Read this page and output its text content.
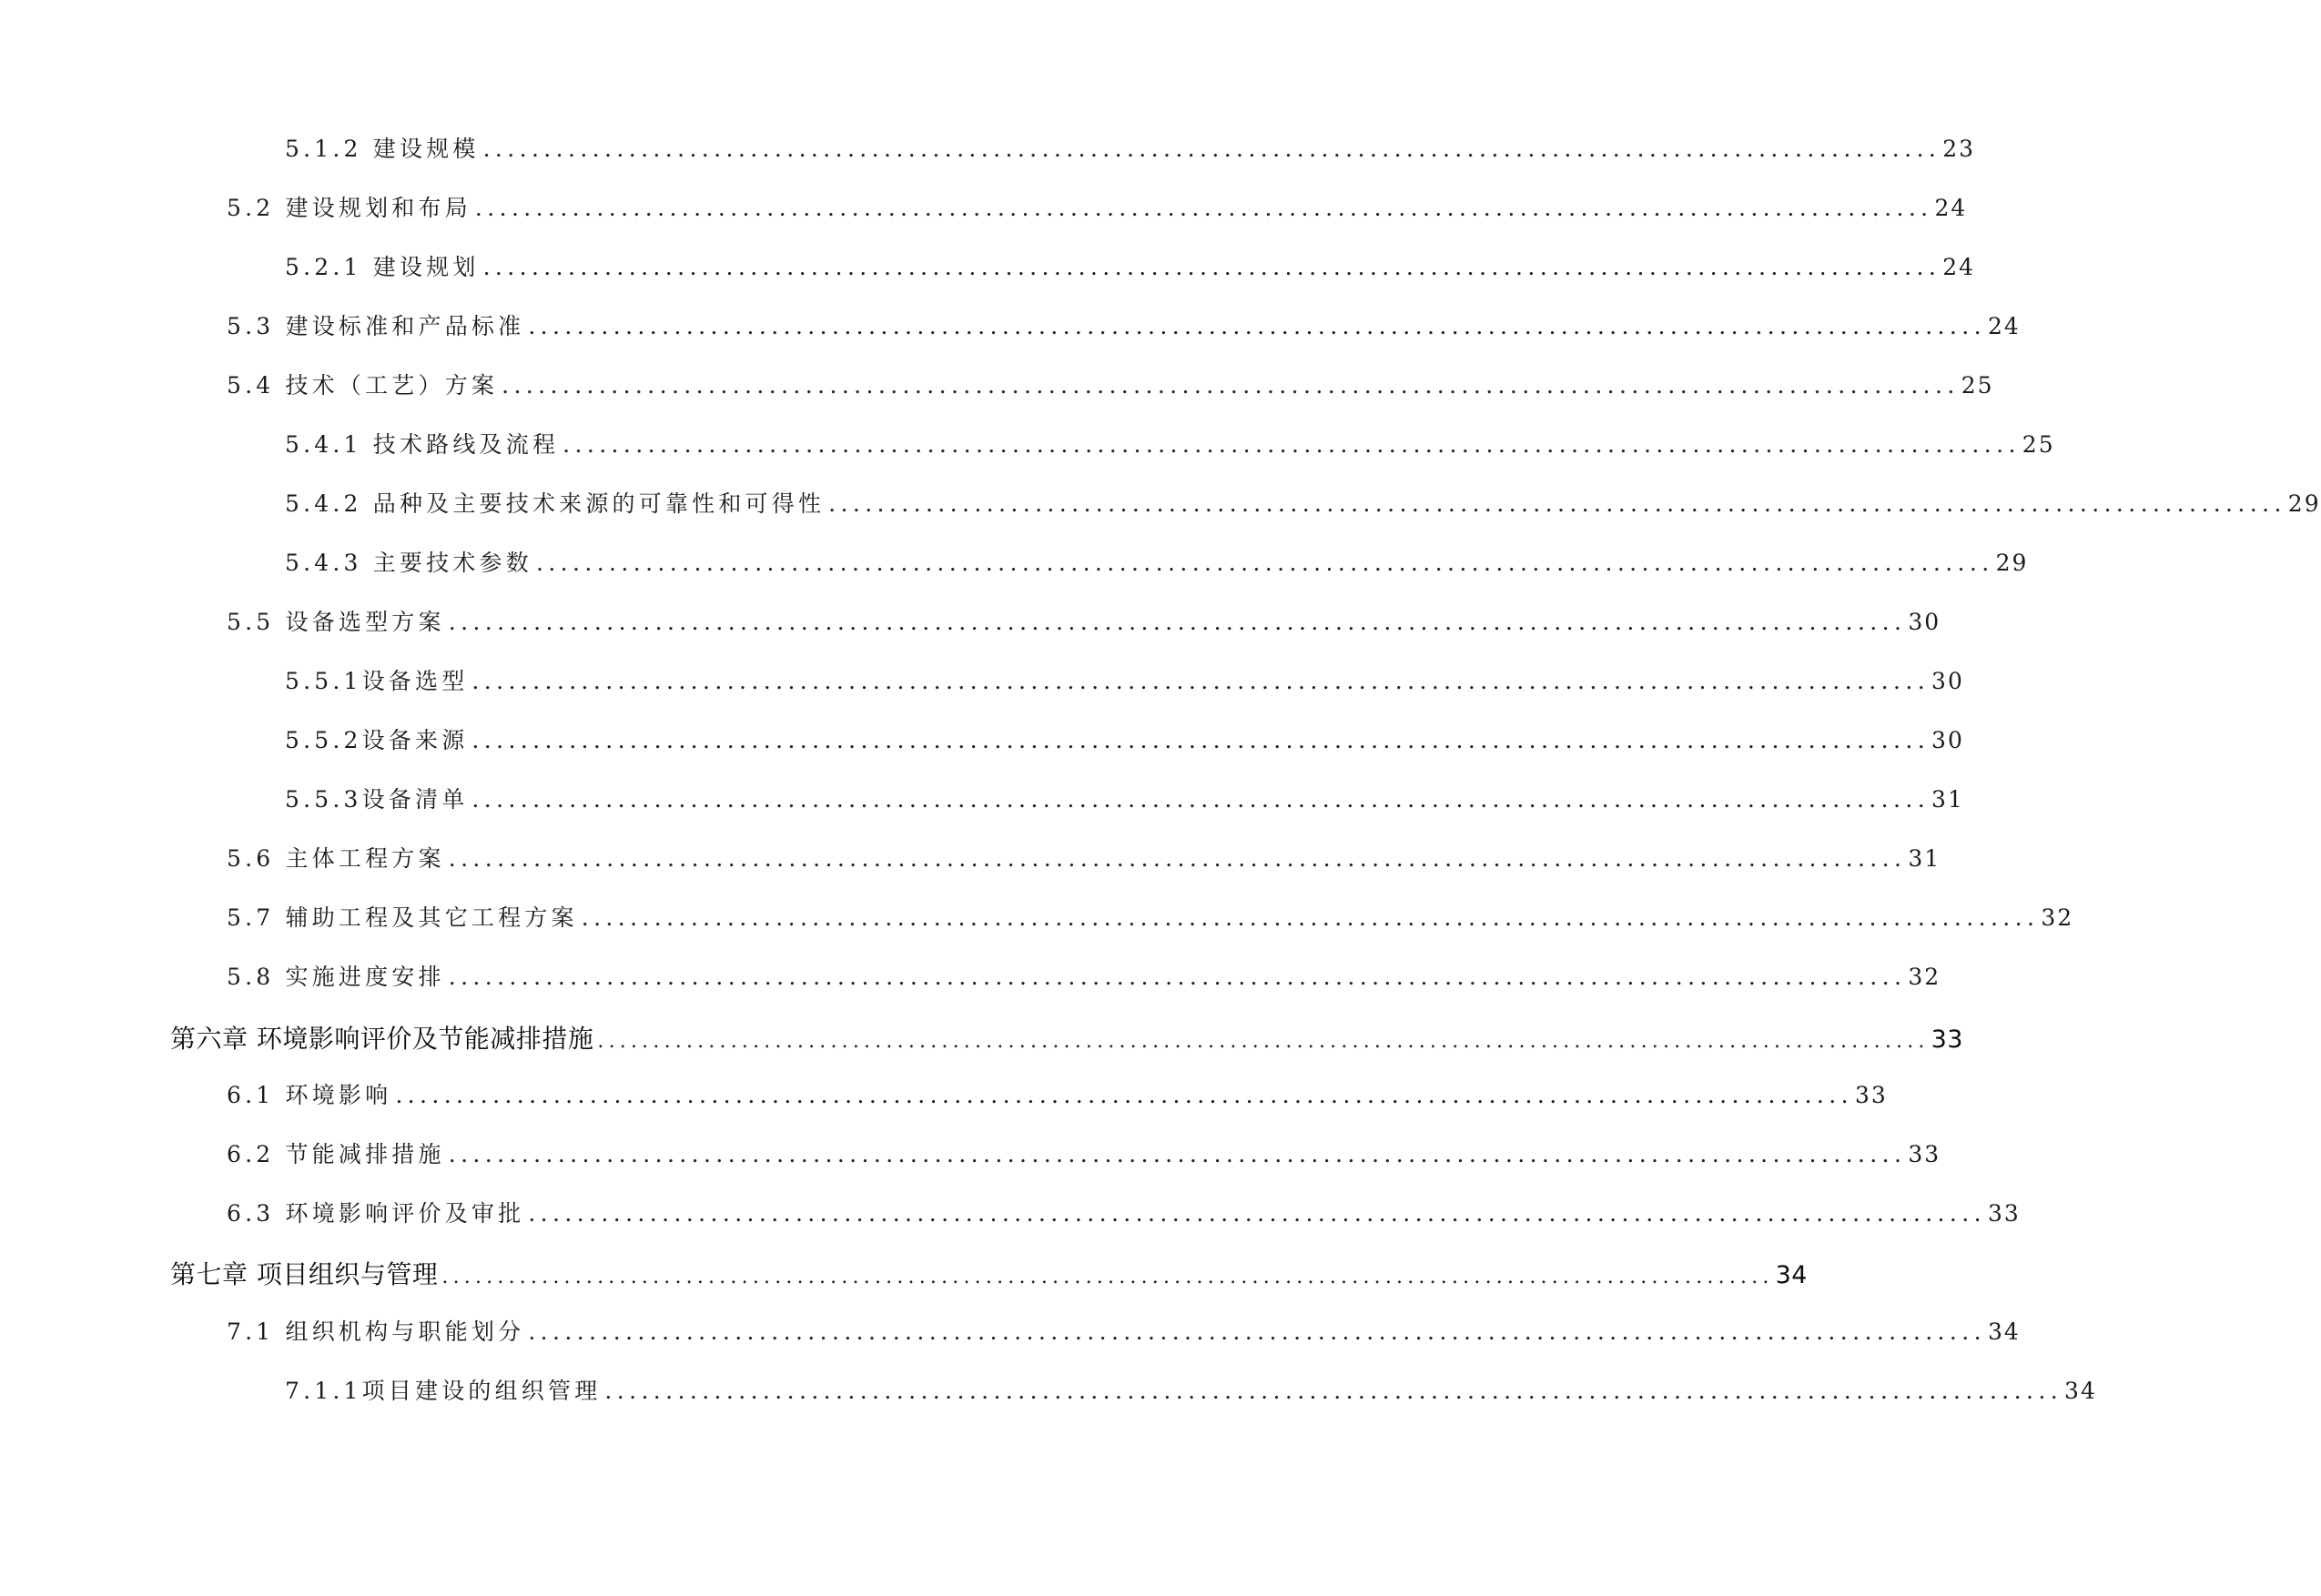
5.1.2 建设规模 ........................................................................................................................ 23
5.2 建设规划和布局 ........................................................................................................................ 24
5.2.1 建设规划 ........................................................................................................................ 24
5.3 建设标准和产品标准 ........................................................................................................................ 24
5.4 技术（工艺）方案 ........................................................................................................................ 25
5.4.1 技术路线及流程 ........................................................................................................................ 25
5.4.2 品种及主要技术来源的可靠性和可得性 ........................................................................................................................ 29
5.4.3 主要技术参数 ........................................................................................................................ 29
5.5 设备选型方案 ........................................................................................................................ 30
5.5.1设备选型 ........................................................................................................................ 30
5.5.2设备来源 ........................................................................................................................ 30
5.5.3设备清单 ........................................................................................................................ 31
5.6 主体工程方案 ........................................................................................................................ 31
5.7 辅助工程及其它工程方案 ........................................................................................................................ 32
5.8 实施进度安排 ........................................................................................................................ 32
第六章 环境影响评价及节能减排措施 ........................................................................................................................ 33
6.1 环境影响 ........................................................................................................................ 33
6.2 节能减排措施 ........................................................................................................................ 33
6.3 环境影响评价及审批 ........................................................................................................................ 33
第七章 项目组织与管理 ........................................................................................................................ 34
7.1 组织机构与职能划分 ........................................................................................................................ 34
7.1.1项目建设的组织管理 ........................................................................................................................ 34
